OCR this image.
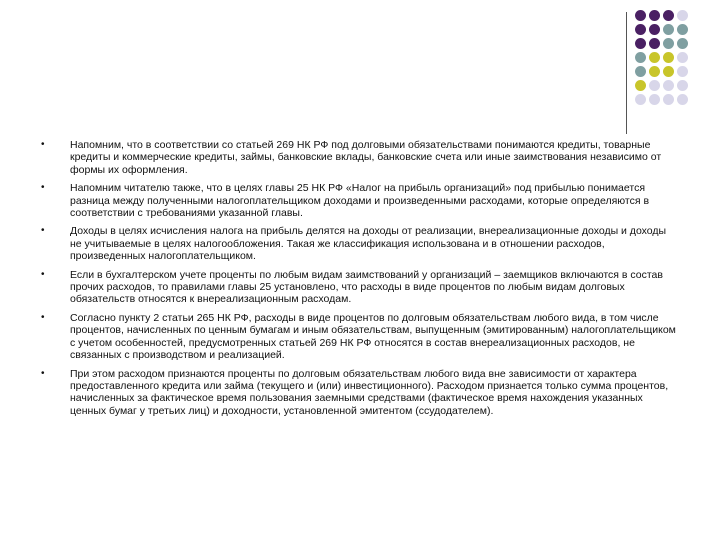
• Напомним, что в соответствии со статьей 269 НК РФ под долговыми обязательствами понимаются кредиты, товарные кредиты и коммерческие кредиты, займы, банковские вклады, банковские счета или иные заимствования независимо от формы их оформления.
• Напомним читателю также, что в целях главы 25 НК РФ «Налог на прибыль организаций» под прибылью понимается разница между полученными налогоплательщиком доходами и произведенными расходами, которые определяются в соответствии с требованиями указанной главы.
• Доходы в целях исчисления налога на прибыль делятся на доходы от реализации, внереализационные доходы и доходы не учитываемые в целях налогообложения. Такая же классификация использована и в отношении расходов, произведенных налогоплательщиком.
• Если в бухгалтерском учете проценты по любым видам заимствований у организаций – заемщиков включаются в состав прочих расходов, то правилами главы 25 установлено, что расходы в виде процентов по любым видам долговых обязательств относятся к внереализационным расходам.
• Согласно пункту 2 статьи 265 НК РФ, расходы в виде процентов по долговым обязательствам любого вида, в том числе процентов, начисленных по ценным бумагам и иным обязательствам, выпущенным (эмитированным) налогоплательщиком с учетом особенностей, предусмотренных статьей 269 НК РФ относятся в состав внереализационных расходов, не связанных с производством и реализацией.
• При этом расходом признаются проценты по долговым обязательствам любого вида вне зависимости от характера предоставленного кредита или займа (текущего и (или) инвестиционного). Расходом признается только сумма процентов, начисленных за фактическое время пользования заемными средствами (фактическое время нахождения указанных ценных бумаг у третьих лиц) и доходности, установленной эмитентом (ссудодателем).
